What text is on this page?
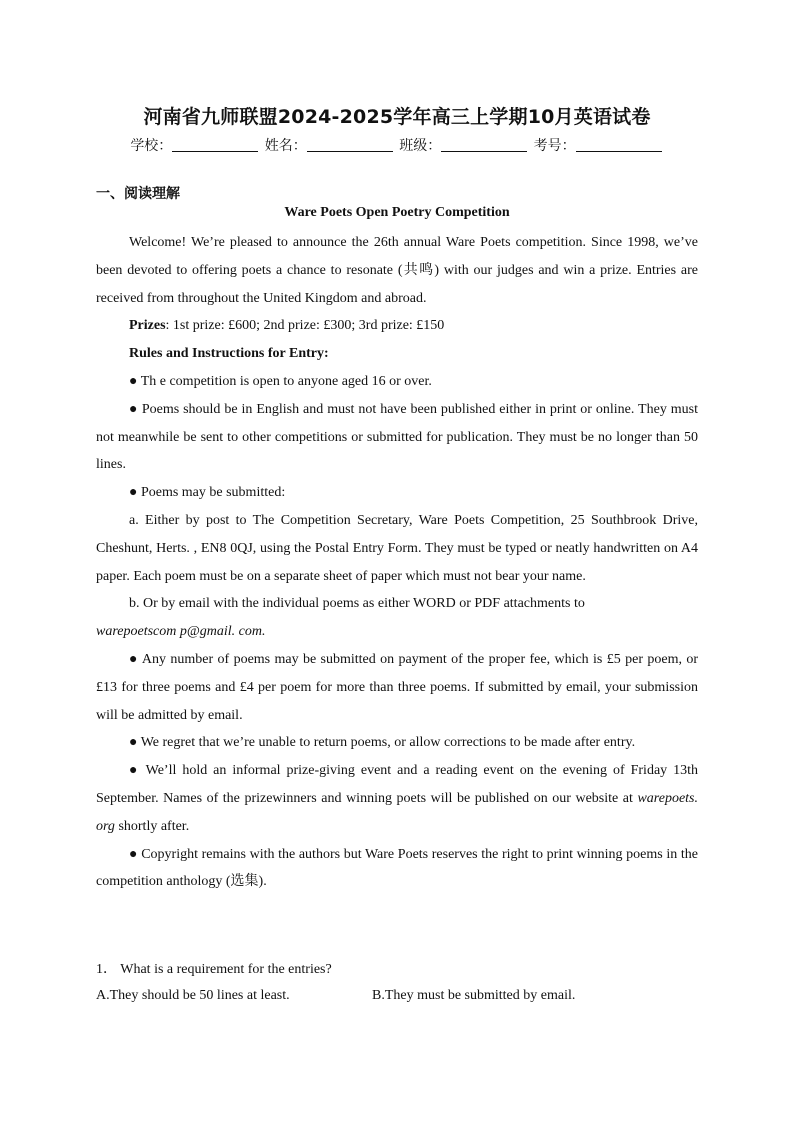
河南省九师联盟2024-2025学年高三上学期10月英语试卷
学校：	姓名：	班级：	考号：
一、阅读理解
Ware Poets Open Poetry Competition

Welcome! We’re pleased to announce the 26th annual Ware Poets competition. Since 1998, we’ve been devoted to offering poets a chance to resonate (共鸣) with our judges and win a prize. Entries are received from throughout the United Kingdom and abroad.

Prizes: 1st prize: £600; 2nd prize: £300; 3rd prize: £150

Rules and Instructions for Entry:

● Th e competition is open to anyone aged 16 or over.

● Poems should be in English and must not have been published either in print or online. They must not meanwhile be sent to other competitions or submitted for publication. They must be no longer than 50 lines.

● Poems may be submitted:

a. Either by post to The Competition Secretary, Ware Poets Competition, 25 Southbrook Drive, Cheshunt, Herts. , EN8 0QJ, using the Postal Entry Form. They must be typed or neatly handwritten on A4 paper. Each poem must be on a separate sheet of paper which must not bear your name.

b. Or by email with the individual poems as either WORD or PDF attachments to

warepoetscom p@gmail. com.

● Any number of poems may be submitted on payment of the proper fee, which is £5 per poem, or £13 for three poems and £4 per poem for more than three poems. If submitted by email, your submission will be admitted by email.

● We regret that we’re unable to return poems, or allow corrections to be made after entry.

● We’ll hold an informal prize-giving event and a reading event on the evening of Friday 13th September. Names of the prizewinners and winning poets will be published on our website at warepoets. org shortly after.

● Copyright remains with the authors but Ware Poets reserves the right to print winning poems in the competition anthology (选集).

1． What is a requirement for the entries?
A.They should be 50 lines at least.	B.They must be submitted by email.
